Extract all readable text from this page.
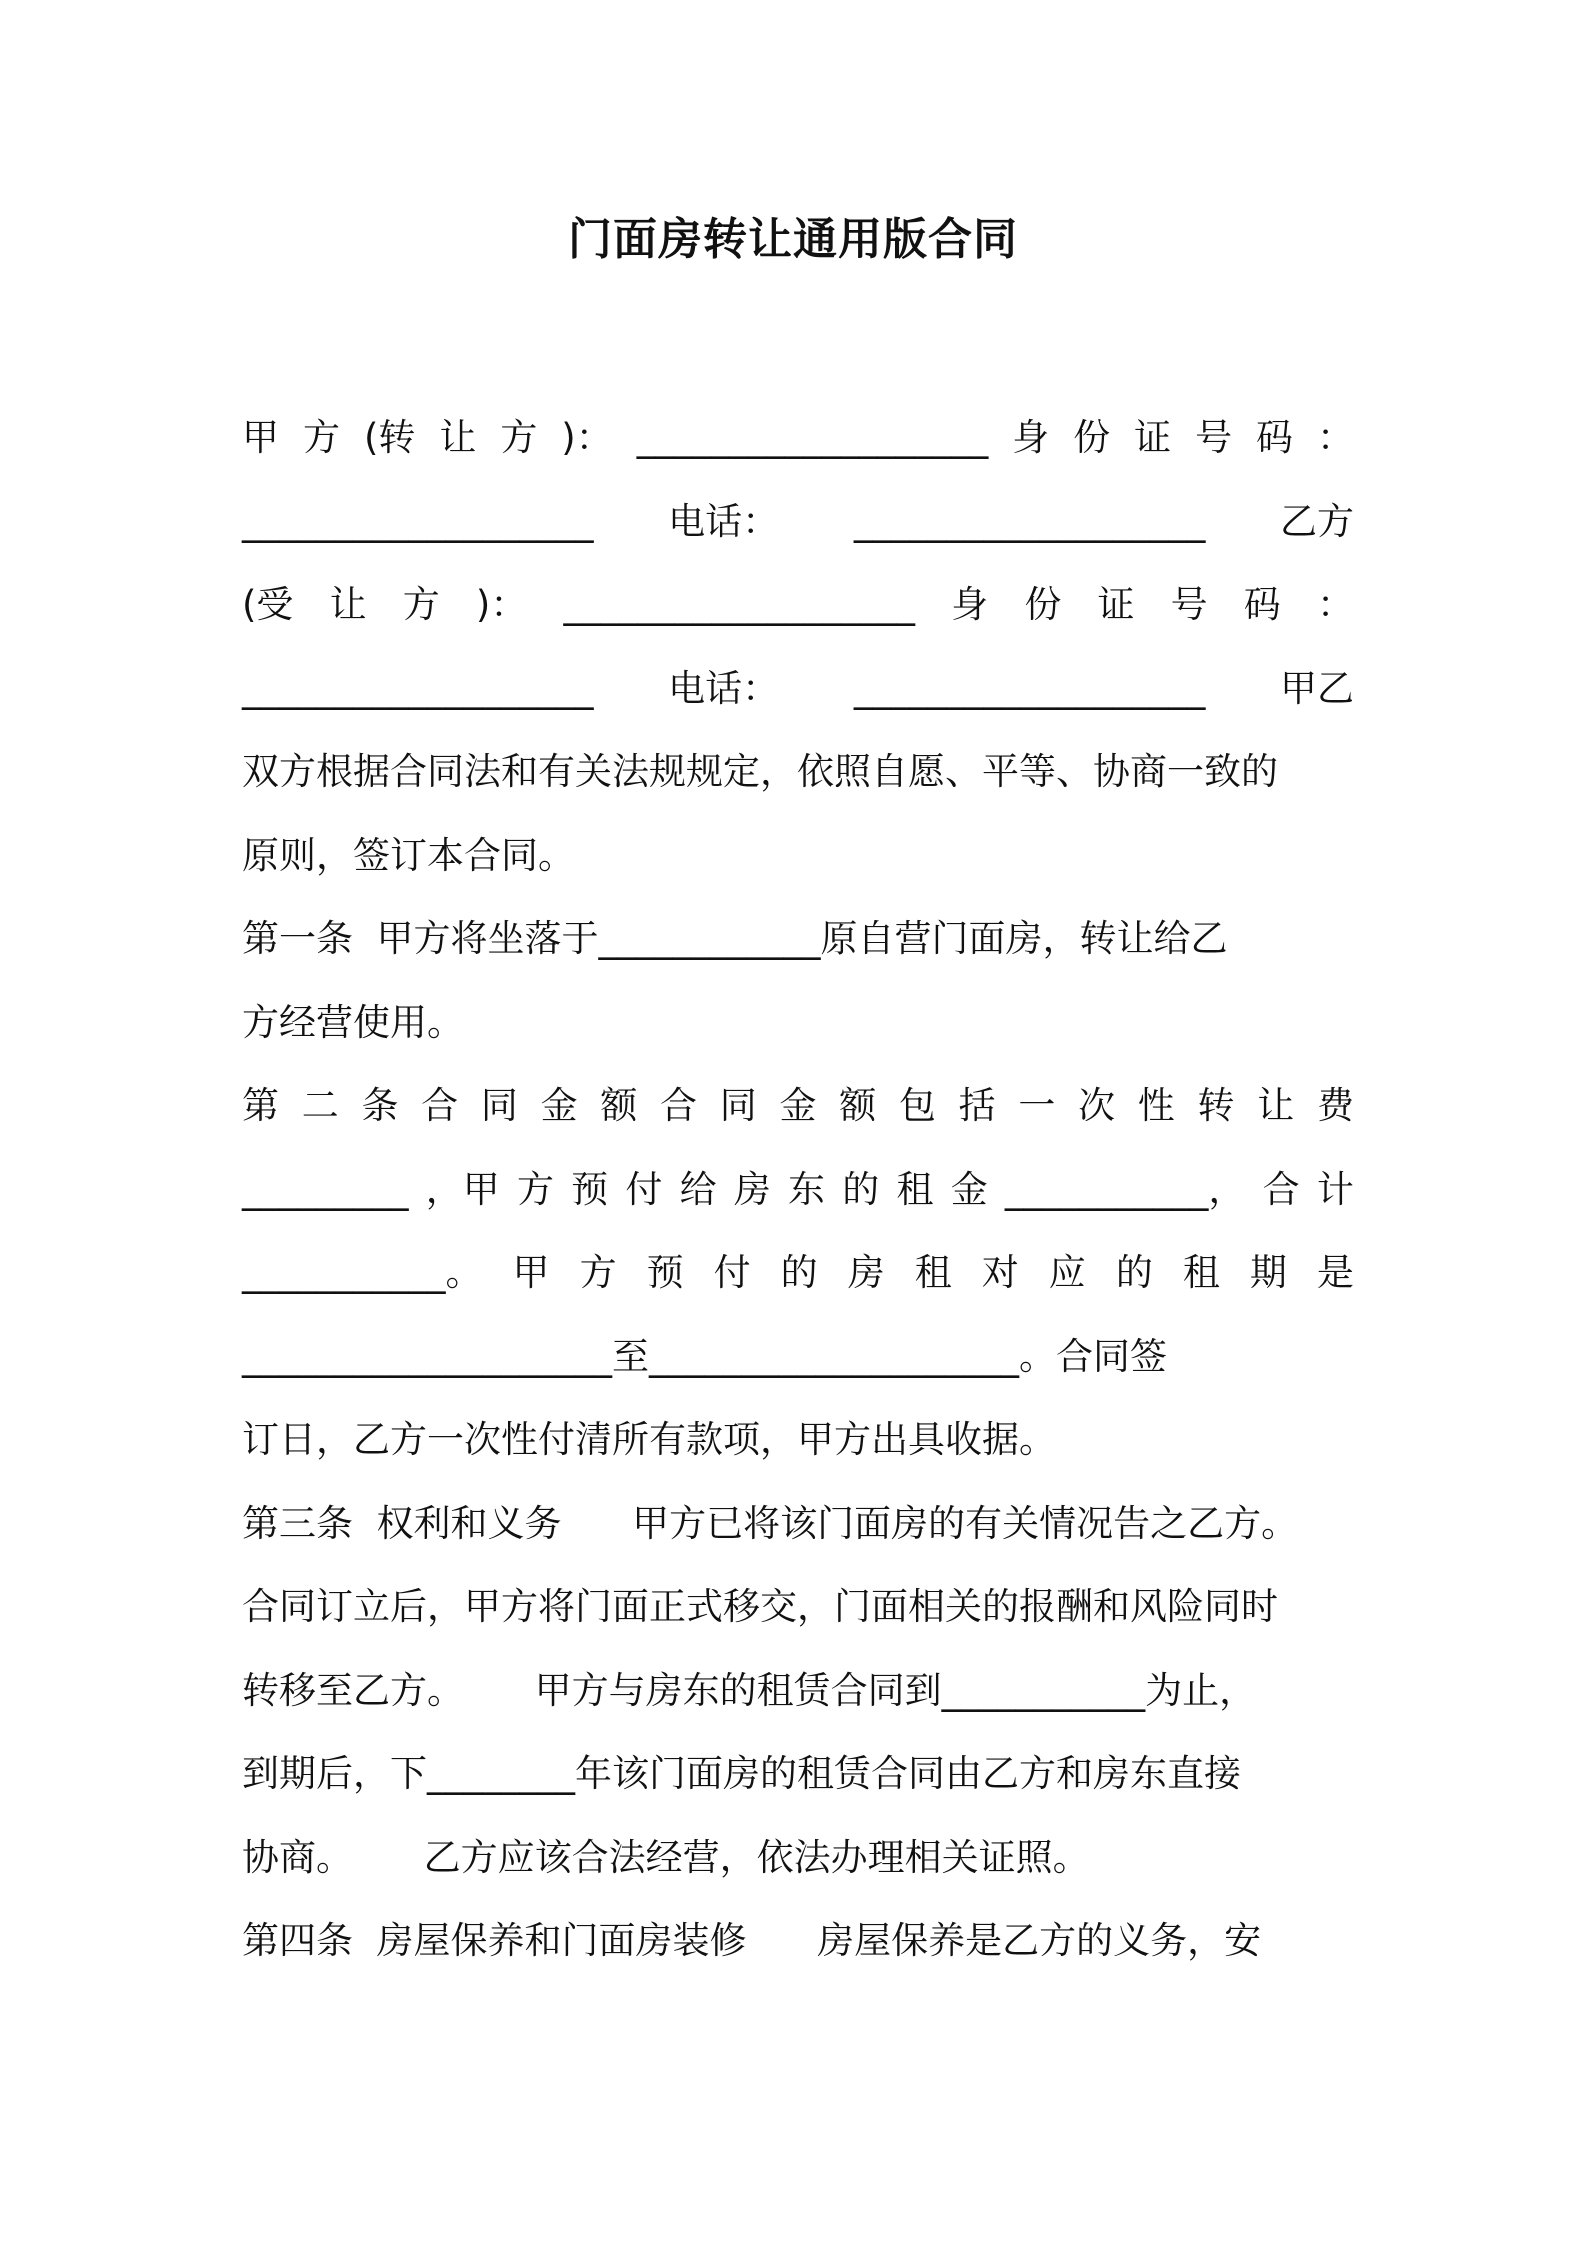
门面房转让通用版合同
甲 方 (转 让 方 )： ___________________ 身 份 证 号 码 ：
___________________ 电话： ___________________ 乙方
(受 让 方 )： ___________________ 身 份 证 号 码 ：
___________________ 电话： ___________________ 甲乙
双方根据合同法和有关法规规定，依照自愿、平等、协商一致的
原则，签订本合同。
第一条  甲方将坐落于____________原自营门面房，转让给乙
方经营使用。
第 二 条 合 同 金 额 合 同 金 额 包 括 一 次 性 转 让 费
_________ ，甲 方 预 付 给 房 东 的 租 金 ___________， 合 计
___________。 甲 方 预 付 的 房 租 对 应 的 租 期 是
____________________至____________________。合同签
订日，乙方一次性付清所有款项，甲方出具收据。
第三条  权利和义务      甲方已将该门面房的有关情况告之乙方。
合同订立后，甲方将门面正式移交，门面相关的报酬和风险同时
转移至乙方。      甲方与房东的租赁合同到___________为止，
到期后，下________年该门面房的租赁合同由乙方和房东直接
协商。      乙方应该合法经营，依法办理相关证照。
第四条  房屋保养和门面房装修      房屋保养是乙方的义务，安
